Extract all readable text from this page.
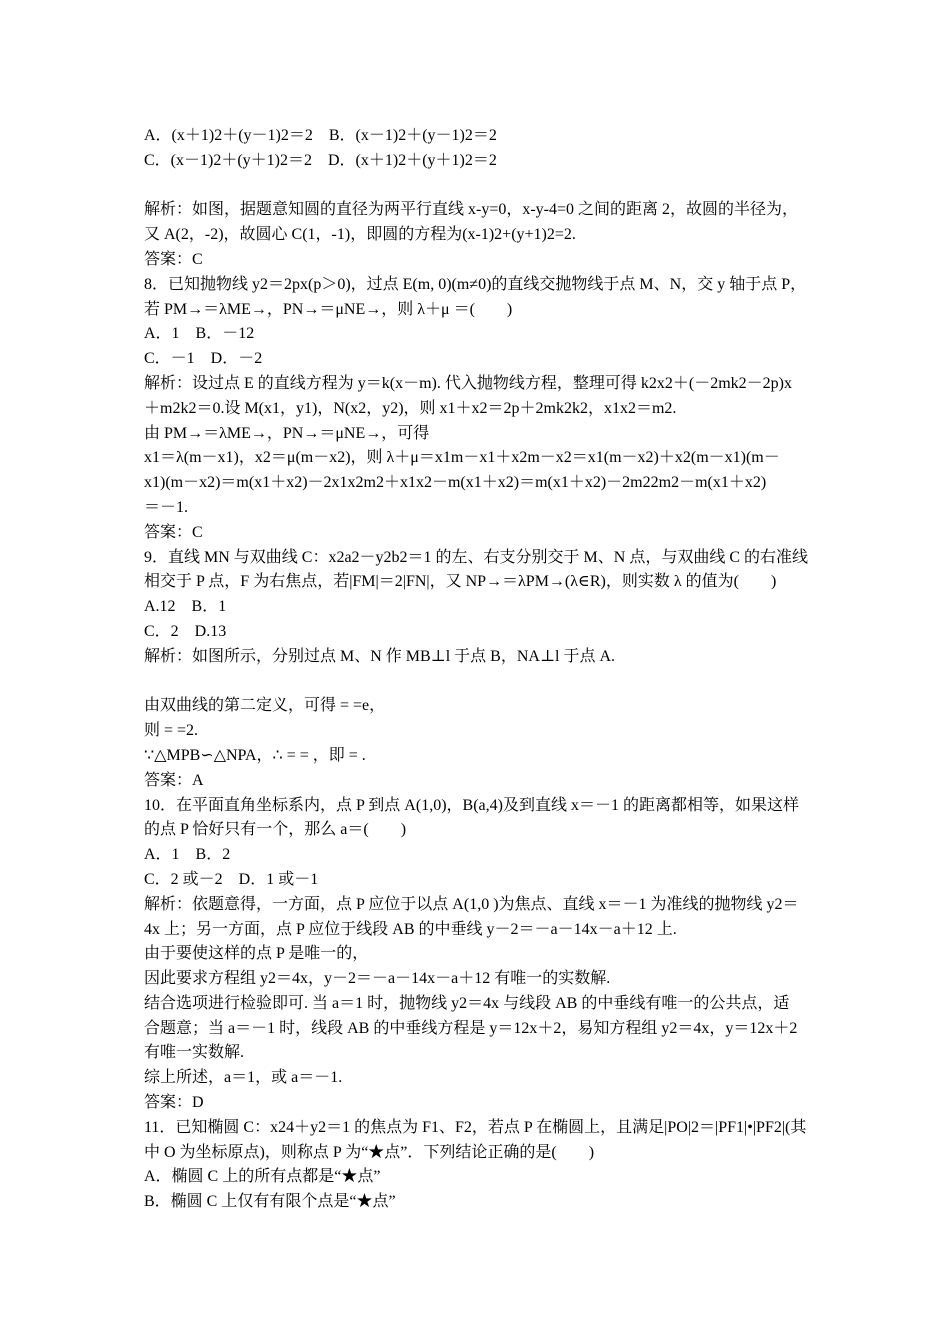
A．(x＋1)2＋(y－1)2＝2　B．(x－1)2＋(y－1)2＝2
C．(x－1)2＋(y＋1)2＝2　D．(x＋1)2＋(y＋1)2＝2
解析：如图，据题意知圆的直径为两平行直线 x-y=0，x-y-4=0 之间的距离 2，故圆的半径为，
又 A(2，-2)，故圆心 C(1，-1)，即圆的方程为(x-1)2+(y+1)2=2.
答案：C
8．已知抛物线 y2＝2px(p＞0)，过点 E(m, 0)(m≠0)的直线交抛物线于点 M、N，交 y 轴于点 P，
若 PM→＝λME→，PN→＝μNE→，则 λ＋μ ＝(　　)
A．1　B．－12
C．－1　D．－2
解析：设过点 E 的直线方程为 y＝k(x－m). 代入抛物线方程，整理可得 k2x2＋(－2mk2－2p)x
＋m2k2＝0.设 M(x1，y1)，N(x2，y2)，则 x1＋x2＝2p＋2mk2k2，x1x2＝m2.
由 PM→＝λME→，PN→＝μNE→，可得
x1＝λ(m－x1)，x2＝μ(m－x2)，则 λ＋μ＝x1m－x1＋x2m－x2＝x1(m－x2)＋x2(m－x1)(m－
x1)(m－x2)＝m(x1＋x2)－2x1x2m2＋x1x2－m(x1＋x2)＝m(x1＋x2)－2m22m2－m(x1＋x2)
＝－1.
答案：C
9．直线 MN 与双曲线 C：x2a2－y2b2＝1 的左、右支分别交于 M、N 点，与双曲线 C 的右准线
相交于 P 点，F 为右焦点，若|FM|＝2|FN|，又 NP→＝λPM→(λ∈R)，则实数 λ 的值为(　　)
A.12　B．1
C．2　D.13
解析：如图所示，分别过点 M、N 作 MB⊥l 于点 B，NA⊥l 于点 A.
由双曲线的第二定义，可得 = =e，
则 = =2.
∵△MPB∽△NPA，∴ = = ，即 = .
答案：A
10．在平面直角坐标系内，点 P 到点 A(1,0)，B(a,4)及到直线 x＝－1 的距离都相等，如果这样
的点 P 恰好只有一个，那么 a＝(　　)
A．1　B．2
C．2 或－2　D．1 或－1
解析：依题意得，一方面，点 P 应位于以点 A(1,0 )为焦点、直线 x＝－1 为准线的抛物线 y2＝
4x 上；另一方面，点 P 应位于线段 AB 的中垂线 y－2＝－a－14x－a＋12 上.
由于要使这样的点 P 是唯一的，
因此要求方程组 y2＝4x，y－2＝－a－14x－a＋12 有唯一的实数解.
结合选项进行检验即可. 当 a＝1 时，抛物线 y2＝4x 与线段 AB 的中垂线有唯一的公共点，适
合题意；当 a＝－1 时，线段 AB 的中垂线方程是 y＝12x＋2，易知方程组 y2＝4x，y＝12x＋2
有唯一实数解.
综上所述，a＝1，或 a＝－1.
答案：D
11．已知椭圆 C：x24＋y2＝1 的焦点为 F1、F2，若点 P 在椭圆上，且满足|PO|2＝|PF1|•|PF2|(其
中 O 为坐标原点)，则称点 P 为“★点”．下列结论正确的是(　　)
A．椭圆 C 上的所有点都是“★点”
B．椭圆 C 上仅有有限个点是“★点”
